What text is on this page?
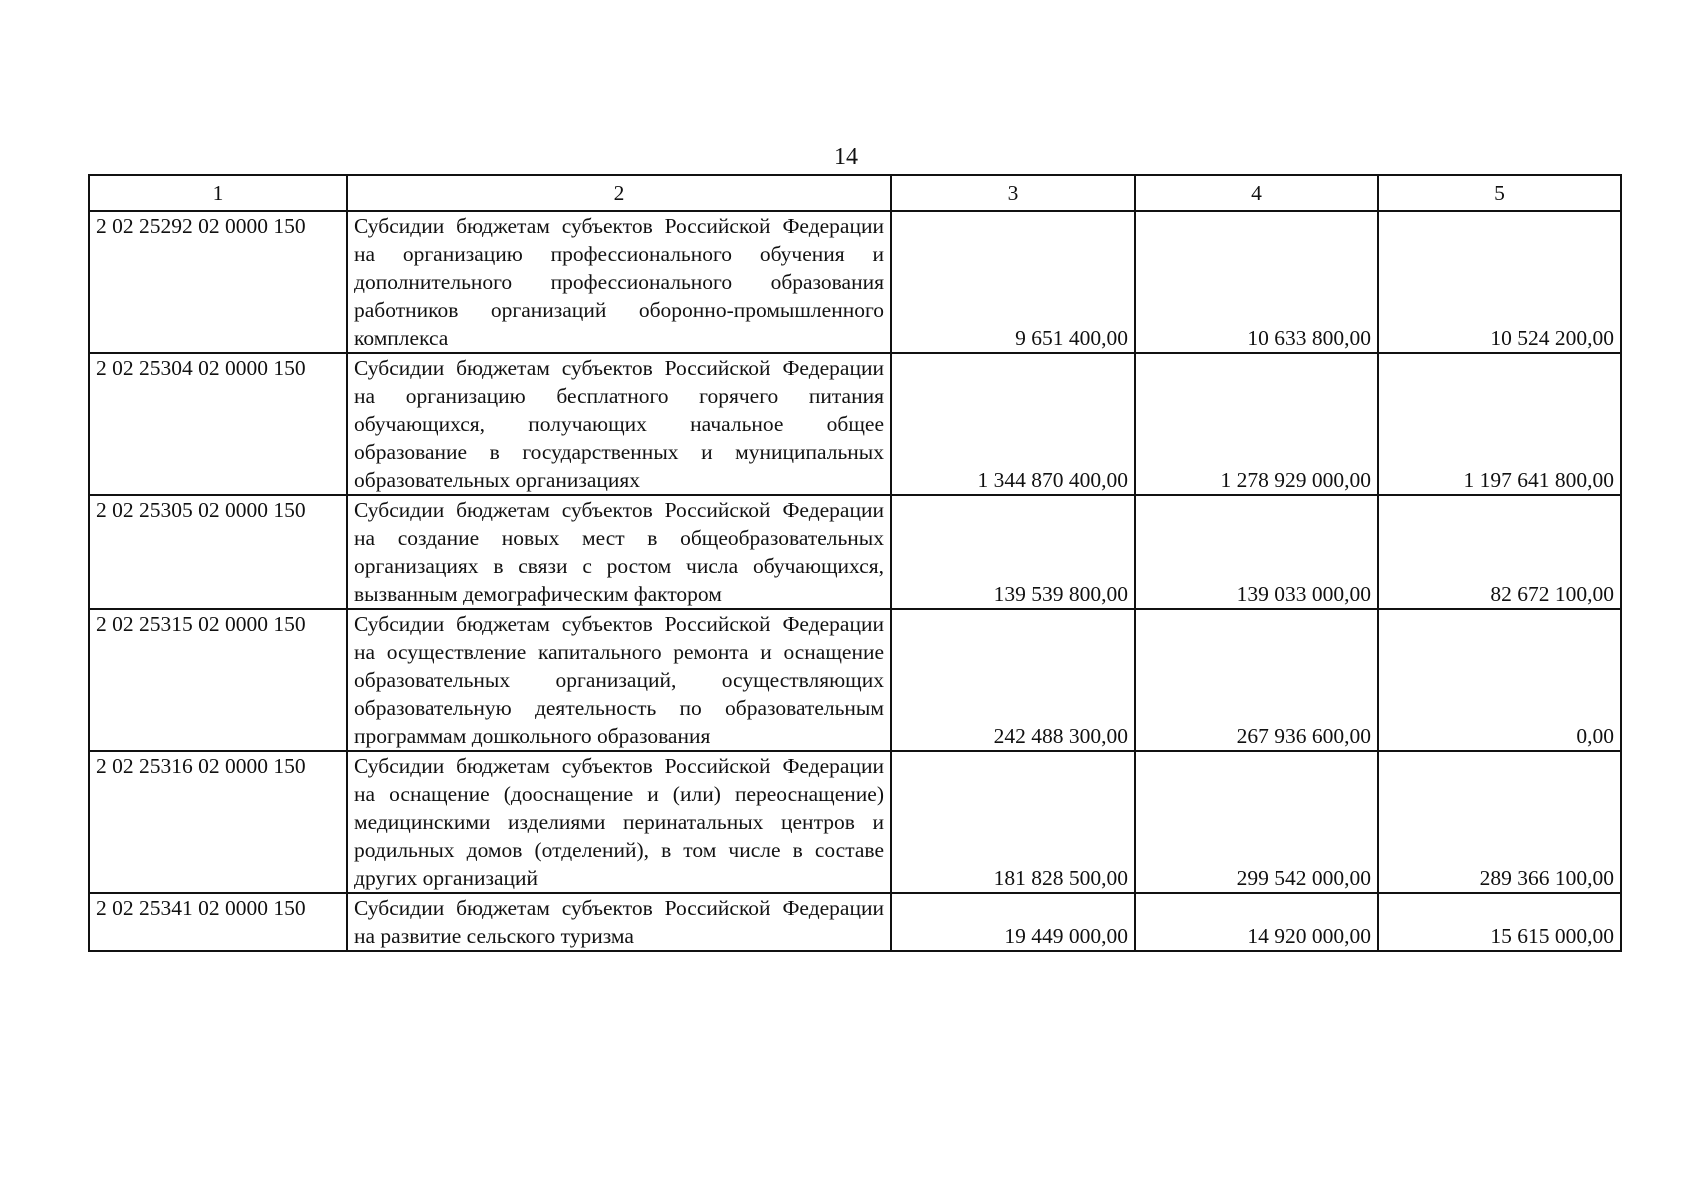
14
1	2	3	4	5
2 02 25292 02 0000 150	Субсидии бюджетам субъектов Российской Федерации на организацию профессионального обучения и дополнительного профессионального образования работников организаций оборонно-промышленного комплекса	9 651 400,00	10 633 800,00	10 524 200,00
2 02 25304 02 0000 150	Субсидии бюджетам субъектов Российской Федерации на организацию бесплатного горячего питания обучающихся, получающих начальное общее образование в государственных и муниципальных образовательных организациях	1 344 870 400,00	1 278 929 000,00	1 197 641 800,00
2 02 25305 02 0000 150	Субсидии бюджетам субъектов Российской Федерации на создание новых мест в общеобразовательных организациях в связи с ростом числа обучающихся, вызванным демографическим фактором	139 539 800,00	139 033 000,00	82 672 100,00
2 02 25315 02 0000 150	Субсидии бюджетам субъектов Российской Федерации на осуществление капитального ремонта и оснащение образовательных организаций, осуществляющих образовательную деятельность по образовательным программам дошкольного образования	242 488 300,00	267 936 600,00	0,00
2 02 25316 02 0000 150	Субсидии бюджетам субъектов Российской Федерации на оснащение (дооснащение и (или) переоснащение) медицинскими изделиями перинатальных центров и родильных домов (отделений), в том числе в составе других организаций	181 828 500,00	299 542 000,00	289 366 100,00
2 02 25341 02 0000 150	Субсидии бюджетам субъектов Российской Федерации на развитие сельского туризма	19 449 000,00	14 920 000,00	15 615 000,00
